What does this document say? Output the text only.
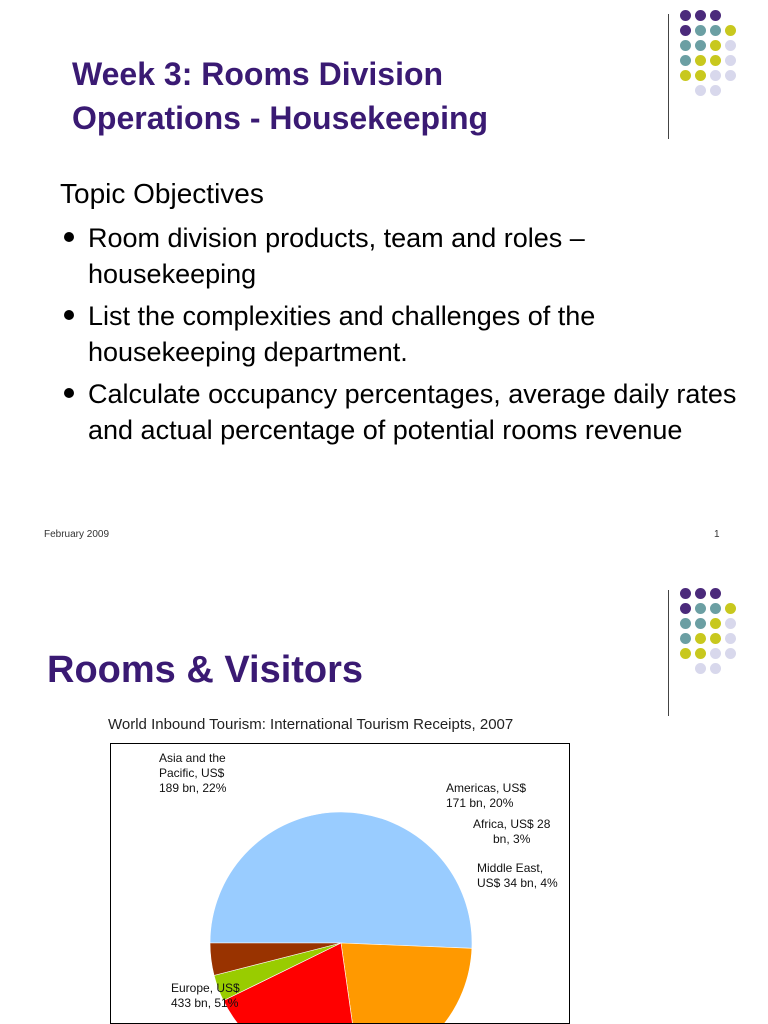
Week 3: Rooms Division
Operations - Housekeeping
Topic Objectives
Room division products, team and roles – housekeeping
List the complexities and challenges of the housekeeping department.
Calculate occupancy percentages, average daily rates and actual percentage of potential rooms revenue
February 2009	1
Rooms & Visitors
World Inbound Tourism: International Tourism Receipts, 2007
Asia and the
Pacific, US$
189 bn, 22%	Americas, US$
171 bn, 20%
Africa, US$ 28
bn, 3%
Middle East,
US$ 34 bn, 4%
Europe, US$
433 bn, 51%
